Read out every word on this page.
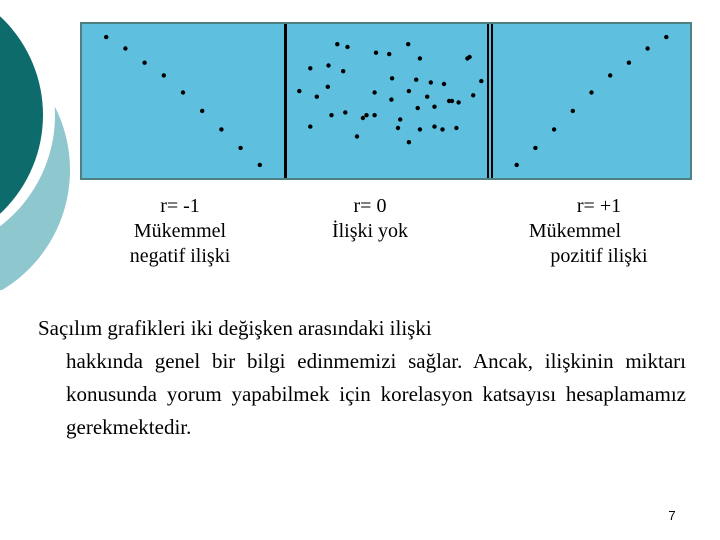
r= -1
Mükemmel
negatif ilişki
r= 0
İlişki yok
r= +1
Mükemmel
pozitif ilişki
Saçılım grafikleri iki değişken arasındaki ilişki
hakkında genel bir bilgi edinmemizi sağlar. Ancak, ilişkinin miktarı konusunda yorum yapabilmek için korelasyon katsayısı hesaplamamız gerekmektedir.
7
